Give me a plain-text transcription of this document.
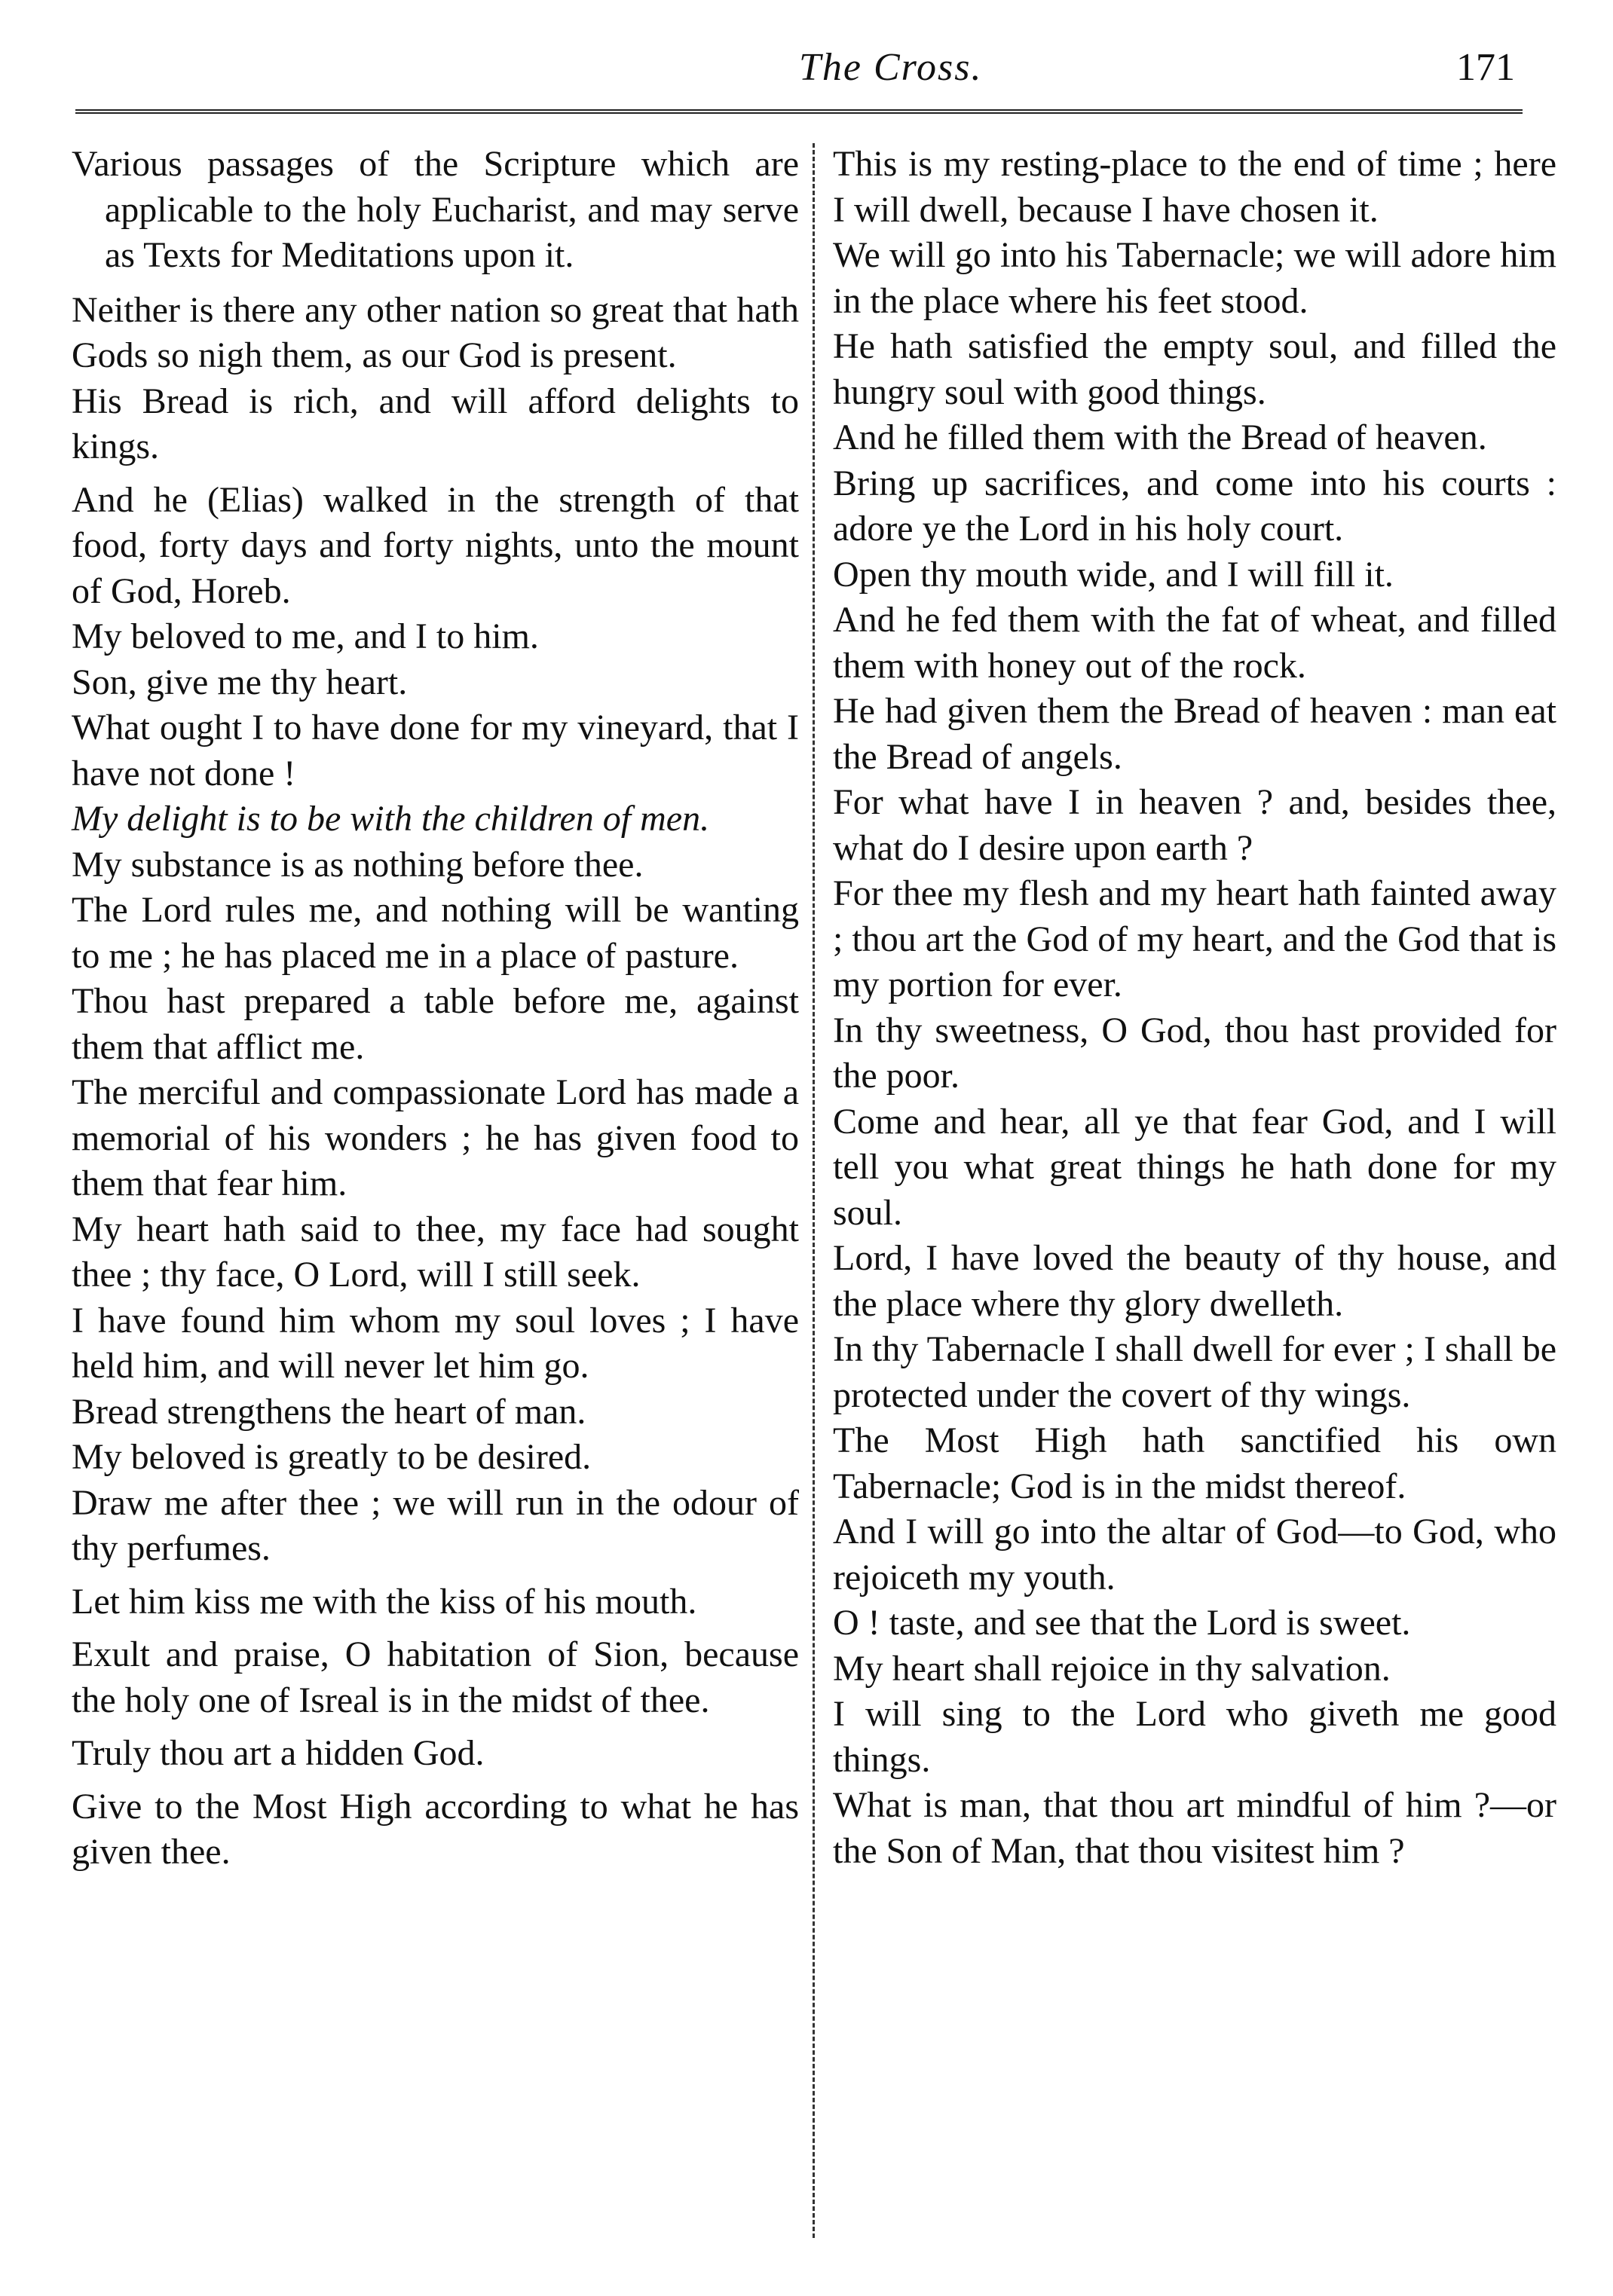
The Cross.	171

Various passages of the Scripture which are applicable to the holy Eucharist, and may serve as Texts for Meditations upon it.

Neither is there any other nation so great that hath Gods so nigh them, as our God is present.

His Bread is rich, and will afford delights to kings.

And he (Elias) walked in the strength of that food, forty days and forty nights, unto the mount of God, Horeb.

My beloved to me, and I to him.

Son, give me thy heart.

What ought I to have done for my vineyard, that I have not done !

My delight is to be with the children of men.

My substance is as nothing before thee.

The Lord rules me, and nothing will be wanting to me ; he has placed me in a place of pasture.

Thou hast prepared a table before me, against them that afflict me.

The merciful and compassionate Lord has made a memorial of his wonders ; he has given food to them that fear him.

My heart hath said to thee, my face had sought thee ; thy face, O Lord, will I still seek.

I have found him whom my soul loves ; I have held him, and will never let him go.

Bread strengthens the heart of man.

My beloved is greatly to be desired.

Draw me after thee ; we will run in the odour of thy perfumes.

Let him kiss me with the kiss of his mouth.

Exult and praise, O habitation of Sion, because the holy one of Isreal is in the midst of thee.

Truly thou art a hidden God.

Give to the Most High according to what he has given thee.

This is my resting-place to the end of time ; here I will dwell, because I have chosen it.

We will go into his Tabernacle; we will adore him in the place where his feet stood.

He hath satisfied the empty soul, and filled the hungry soul with good things.

And he filled them with the Bread of heaven.

Bring up sacrifices, and come into his courts : adore ye the Lord in his holy court.

Open thy mouth wide, and I will fill it.

And he fed them with the fat of wheat, and filled them with honey out of the rock.

He had given them the Bread of heaven : man eat the Bread of angels.

For what have I in heaven ? and, besides thee, what do I desire upon earth ?

For thee my flesh and my heart hath fainted away ; thou art the God of my heart, and the God that is my portion for ever.

In thy sweetness, O God, thou hast provided for the poor.

Come and hear, all ye that fear God, and I will tell you what great things he hath done for my soul.

Lord, I have loved the beauty of thy house, and the place where thy glory dwelleth.

In thy Tabernacle I shall dwell for ever ; I shall be protected under the covert of thy wings.

The Most High hath sanctified his own Tabernacle; God is in the midst thereof.

And I will go into the altar of God—to God, who rejoiceth my youth.

O ! taste, and see that the Lord is sweet.

My heart shall rejoice in thy salvation.

I will sing to the Lord who giveth me good things.

What is man, that thou art mindful of him ?—or the Son of Man, that thou visitest him ?
